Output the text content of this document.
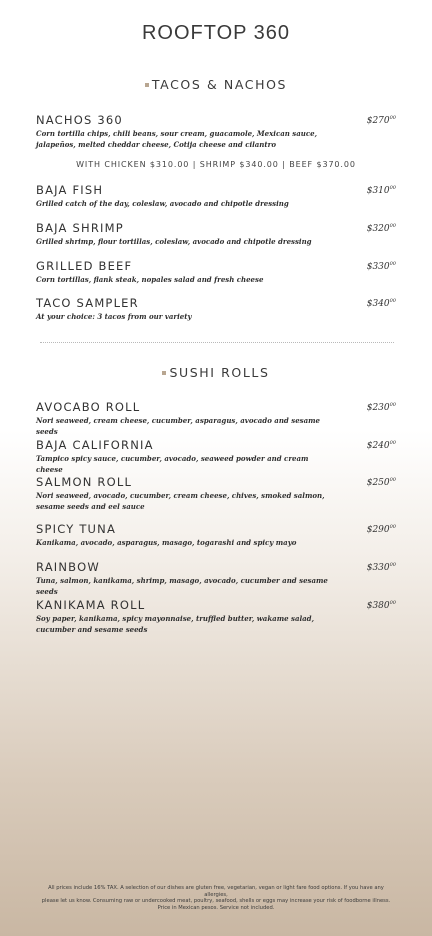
ROOFTOP 360
TACOS & NACHOS
NACHOS 360	$\$270^{00}$
Corn tortilla chips, chili beans, sour cream, guacamole, Mexican sauce, jalapeños, melted cheddar cheese, Cotija cheese and cilantro
WITH CHICKEN $310.00 | SHRIMP $340.00 | BEEF $370.00
BAJA FISH	$\$310^{00}$
Grilled catch of the day, coleslaw, avocado and chipotle dressing
BAJA SHRIMP	$\$320^{00}$
Grilled shrimp, flour tortillas, coleslaw, avocado and chipotle dressing
GRILLED BEEF	$\$330^{00}$
Corn tortillas, flank steak, nopales salad and fresh cheese
TACO SAMPLER	$\$340^{00}$
At your choice: 3 tacos from our variety
SUSHI ROLLS
AVOCABO ROLL	$\$230^{00}$
Nori seaweed, cream cheese, cucumber, asparagus, avocado and sesame seeds
BAJA CALIFORNIA	$\$240^{00}$
Tampico spicy sauce, cucumber, avocado, seaweed powder and cream cheese
SALMON ROLL	$\$250^{00}$
Nori seaweed, avocado, cucumber, cream cheese, chives, smoked salmon, sesame seeds and eel sauce
SPICY TUNA	$\$290^{00}$
Kanikama, avocado, asparagus, masago, togarashi and spicy mayo
RAINBOW	$\$330^{00}$
Tuna, salmon, kanikama, shrimp, masago, avocado, cucumber and sesame seeds
KANIKAMA ROLL	$\$380^{00}$
Soy paper, kanikama, spicy mayonnaise, truffled butter, wakame salad, cucumber and sesame seeds
All prices include 16% TAX. A selection of our dishes are gluten free, vegetarian, vegan or light fare food options. If you have any allergies,
please let us know. Consuming raw or undercooked meat, poultry, seafood, shells or eggs may increase your risk of foodborne illness.
Price in Mexican pesos. Service not included.
